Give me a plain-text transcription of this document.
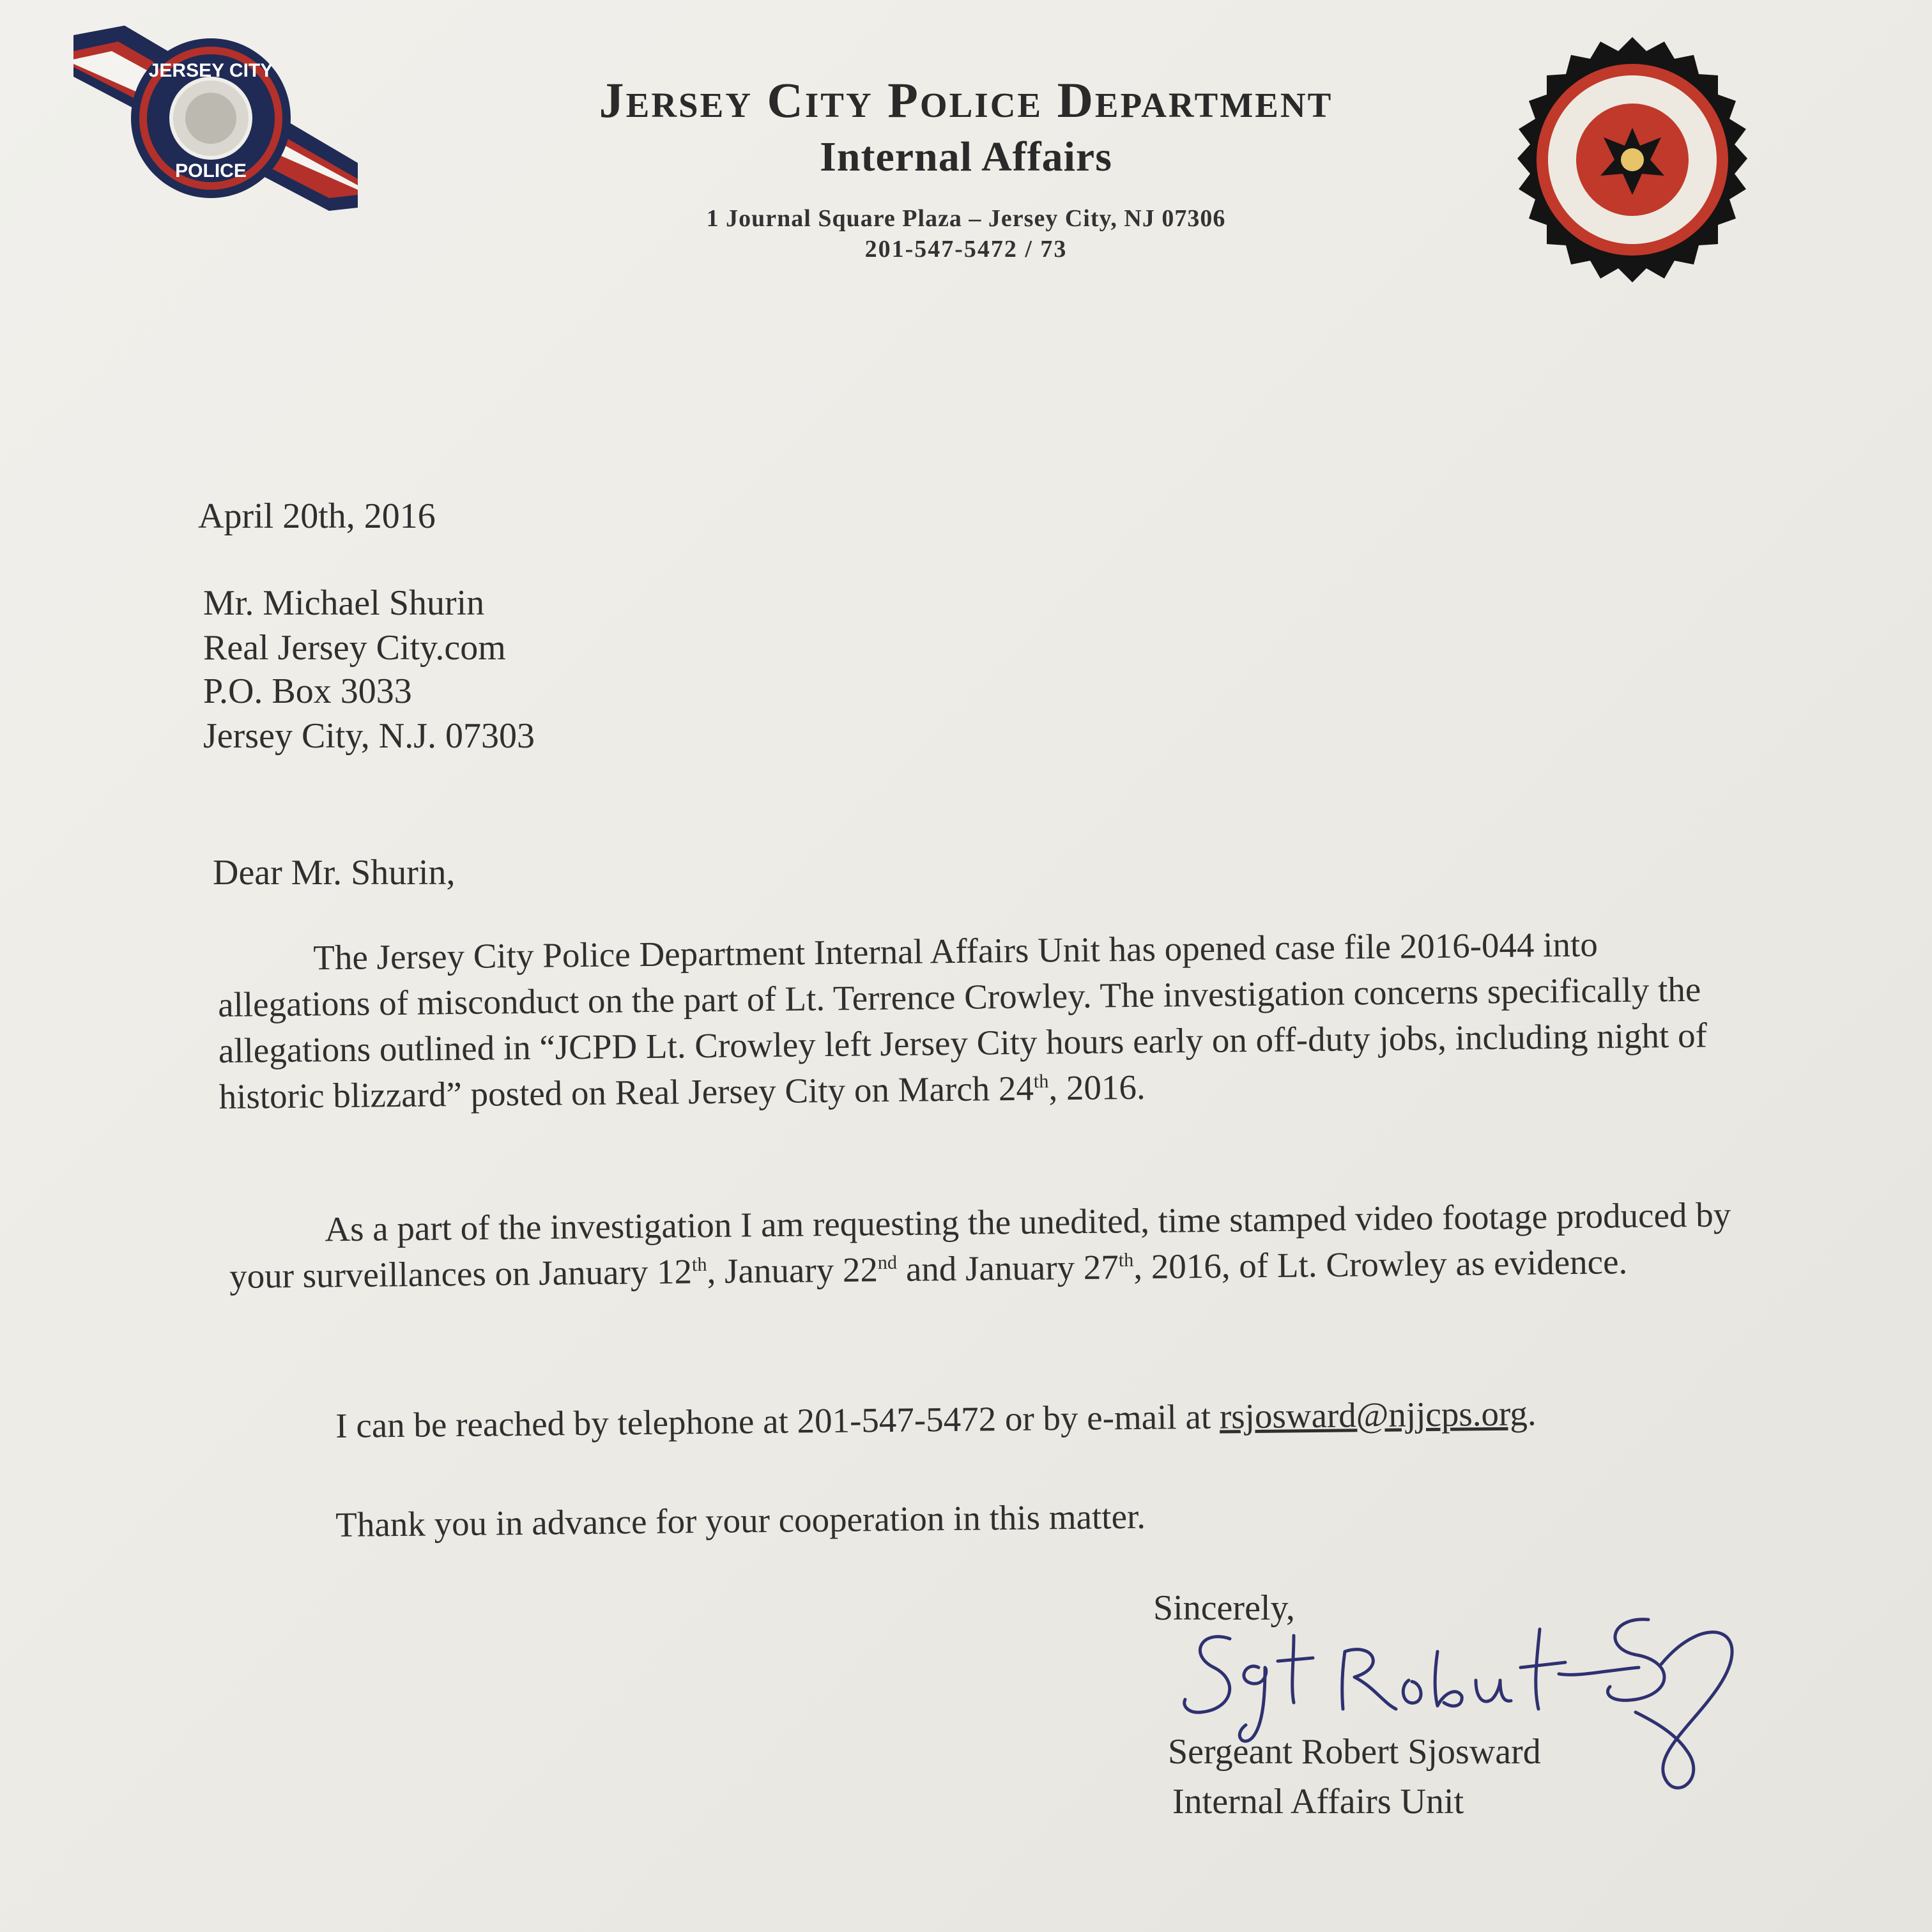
JERSEY CITY
POLICE
Jersey City Police Department
Internal Affairs
1 Journal Square Plaza – Jersey City, NJ 07306
201-547-5472 / 73
April 20th, 2016
Mr. Michael Shurin
Real Jersey City.com
P.O. Box 3033
Jersey City, N.J. 07303
Dear Mr. Shurin,

The Jersey City Police Department Internal Affairs Unit has opened case file 2016-044 into allegations of misconduct on the part of Lt. Terrence Crowley. The investigation concerns specifically the allegations outlined in “JCPD Lt. Crowley left Jersey City hours early on off-duty jobs, including night of historic blizzard” posted on Real Jersey City on March 24th, 2016.

As a part of the investigation I am requesting the unedited, time stamped video footage produced by your surveillances on January 12th, January 22nd and January 27th, 2016, of Lt. Crowley as evidence.

I can be reached by telephone at 201-547-5472 or by e-mail at rsjosward@njjcps.org.
Thank you in advance for your cooperation in this matter.
Sincerely,
Sergeant Robert Sjosward
Internal Affairs Unit
